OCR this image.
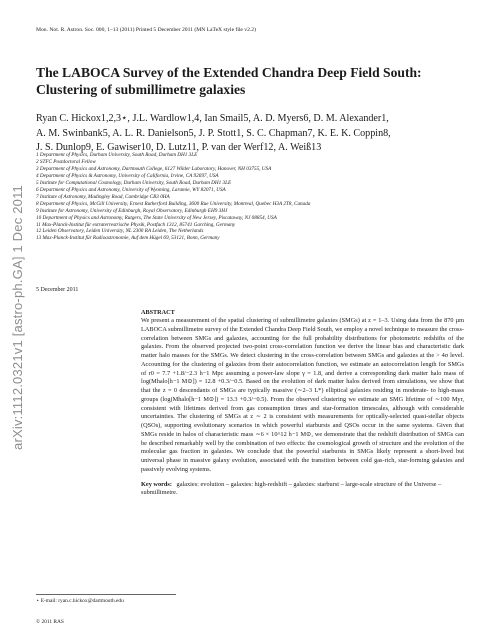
Mon. Not. R. Astron. Soc. 000, 1–13 (2011) Printed 5 December 2011 (MN LaTeX style file v2.2)
arXiv:1112.0321v1 [astro-ph.GA] 1 Dec 2011
The LABOCA Survey of the Extended Chandra Deep Field South:
Clustering of submillimetre galaxies
Ryan C. Hickox1,2,3⋆, J.L. Wardlow1,4, Ian Smail5, A. D. Myers6, D. M. Alexander1,
A. M. Swinbank5, A. L. R. Danielson5, J. P. Stott1, S. C. Chapman7, K. E. K. Coppin8,
J. S. Dunlop9, E. Gawiser10, D. Lutz11, P. van der Werf12, A. Weiß13
1 Department of Physics, Durham University, South Road, Durham DH1 3LE
2 STFC Postdoctoral Fellow
3 Department of Physics and Astronomy, Dartmouth College, 6127 Wilder Laboratory, Hanover, NH 03755, USA
4 Department of Physics & Astronomy, University of California, Irvine, CA 92697, USA
5 Institute for Computational Cosmology, Durham University, South Road, Durham DH1 3LE
6 Department of Physics and Astronomy, University of Wyoming, Laramie, WY 82071, USA
7 Institute of Astronomy, Madingley Road, Cambridge CB3 0HA
8 Department of Physics, McGill University, Ernest Rutherford Building, 3600 Rue University, Montreal, Quebec H3A 2T8, Canada
9 Institute for Astronomy, University of Edinburgh, Royal Observatory, Edinburgh EH9 3HJ
10 Department of Physics and Astronomy, Rutgers, The State University of New Jersey, Piscataway, NJ 08854, USA
11 Max-Planck-Institut für extraterrestrische Physik, Postfach 1312, 85741 Garching, Germany
12 Leiden Observatory, Leiden University, NL 2300 RA Leiden, The Netherlands
13 Max-Planck-Institut für Radioastronomie, Auf dem Hügel 69, 53121, Bonn, Germany
5 December 2011
ABSTRACT
We present a measurement of the spatial clustering of submillimetre galaxies (SMGs) at z = 1–3. Using data from the 870 µm LABOCA submillimetre survey of the Extended Chandra Deep Field South, we employ a novel technique to measure the cross-correlation between SMGs and galaxies, accounting for the full probability distributions for photometric redshifts of the galaxies. From the observed projected two-point cross-correlation function we derive the linear bias and characteristic dark matter halo masses for the SMGs. We detect clustering in the cross-correlation between SMGs and galaxies at the > 4σ level. Accounting for the clustering of galaxies from their autocorrelation function, we estimate an autocorrelation length for SMGs of r0 = 7.7 +1.8/−2.3 h−1 Mpc assuming a power-law slope γ = 1.8, and derive a corresponding dark matter halo mass of log(Mhalo[h−1 M⊙]) = 12.8 +0.3/−0.5. Based on the evolution of dark matter halos derived from simulations, we show that that the z = 0 descendants of SMGs are typically massive (∼2–3 L*) elliptical galaxies residing in moderate- to high-mass groups (log(Mhalo[h−1 M⊙]) = 13.3 +0.3/−0.5). From the observed clustering we estimate an SMG lifetime of ∼100 Myr, consistent with lifetimes derived from gas consumption times and star-formation timescales, although with considerable uncertainties. The clustering of SMGs at z ∼ 2 is consistent with measurements for optically-selected quasi-stellar objects (QSOs), supporting evolutionary scenarios in which powerful starbursts and QSOs occur in the same systems. Given that SMGs reside in halos of characteristic mass ∼6 × 10^12 h−1 M⊙, we demonstrate that the redshift distribution of SMGs can be described remarkably well by the combination of two effects: the cosmological growth of structure and the evolution of the molecular gas fraction in galaxies. We conclude that the powerful starbursts in SMGs likely represent a short-lived but universal phase in massive galaxy evolution, associated with the transition between cold gas-rich, star-forming galaxies and passively evolving systems.
Key words: galaxies: evolution – galaxies: high-redshift – galaxies: starburst – large-scale structure of the Universe – submillimetre.
⋆ E-mail: ryan.c.hickox@dartmouth.edu
© 2011 RAS
